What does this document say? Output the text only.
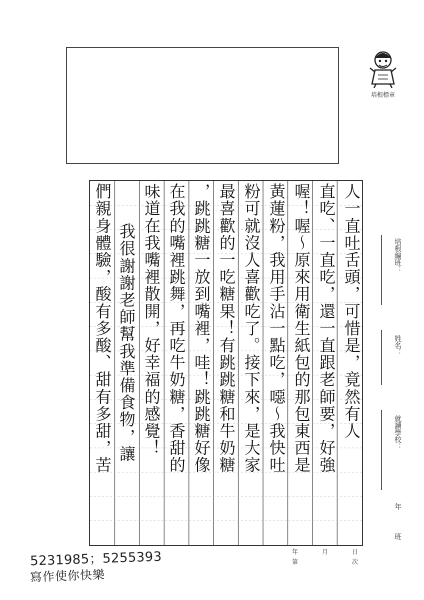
培根標章
培根編班：
姓名：
就讀學校：
年
班
人一直吐舌頭，可惜是，竟然有人
直吃、一直吃，還一直跟老師要，好強
喔！喔～原來用衛生紙包的那包東西是
黃蓮粉，我用手沾一點吃，噁～我快吐
粉可就沒人喜歡吃了。接下來，是大家
最喜歡的一吃糖果！有跳跳糖和牛奶糖
，跳跳糖一放到嘴裡，哇！跳跳糖好像
在我的嘴裡跳舞，再吃牛奶糖，香甜的
味道在我嘴裡散開，好幸福的感覺！
我很謝謝老師幫我準備食物，讓
們親身體驗，酸有多酸、甜有多甜，苦
年	月	日
第	次
5231985；5255393
寫作使你快樂
